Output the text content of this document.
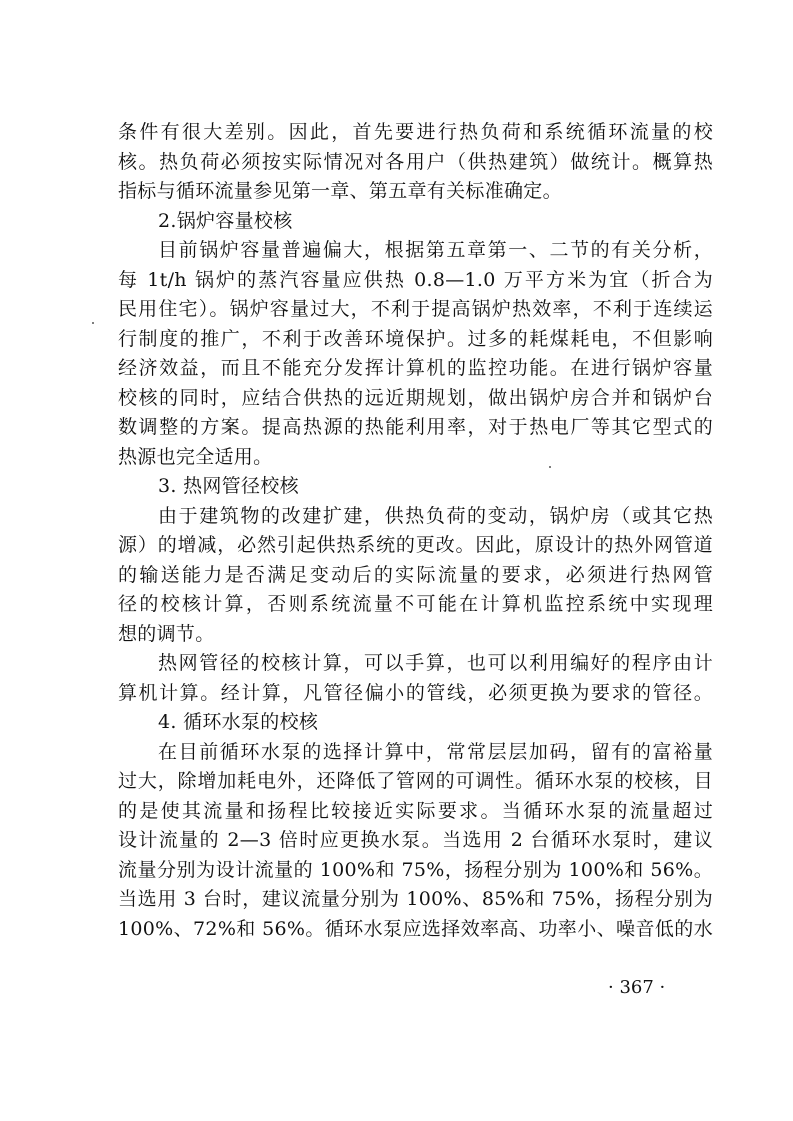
条件有很大差别。因此，首先要进行热负荷和系统循环流量的校
核。热负荷必须按实际情况对各用户（供热建筑）做统计。概算热
指标与循环流量参见第一章、第五章有关标准确定。
2.锅炉容量校核
目前锅炉容量普遍偏大，根据第五章第一、二节的有关分析，
每 1t/h 锅炉的蒸汽容量应供热 0.8—1.0 万平方米为宜（折合为
民用住宅）。锅炉容量过大，不利于提高锅炉热效率，不利于连续运
行制度的推广，不利于改善环境保护。过多的耗煤耗电，不但影响
经济效益，而且不能充分发挥计算机的监控功能。在进行锅炉容量
校核的同时，应结合供热的远近期规划，做出锅炉房合并和锅炉台
数调整的方案。提高热源的热能利用率，对于热电厂等其它型式的
热源也完全适用。
3. 热网管径校核
由于建筑物的改建扩建，供热负荷的变动，锅炉房（或其它热
源）的增减，必然引起供热系统的更改。因此，原设计的热外网管道
的输送能力是否满足变动后的实际流量的要求，必须进行热网管
径的校核计算，否则系统流量不可能在计算机监控系统中实现理
想的调节。
热网管径的校核计算，可以手算，也可以利用编好的程序由计
算机计算。经计算，凡管径偏小的管线，必须更换为要求的管径。
4. 循环水泵的校核
在目前循环水泵的选择计算中，常常层层加码，留有的富裕量
过大，除增加耗电外，还降低了管网的可调性。循环水泵的校核，目
的是使其流量和扬程比较接近实际要求。当循环水泵的流量超过
设计流量的 2—3 倍时应更换水泵。当选用 2 台循环水泵时，建议
流量分别为设计流量的 100%和 75%，扬程分别为 100%和 56%。
当选用 3 台时，建议流量分别为 100%、85%和 75%，扬程分别为
100%、72%和 56%。循环水泵应选择效率高、功率小、噪音低的水
· 367 ·
